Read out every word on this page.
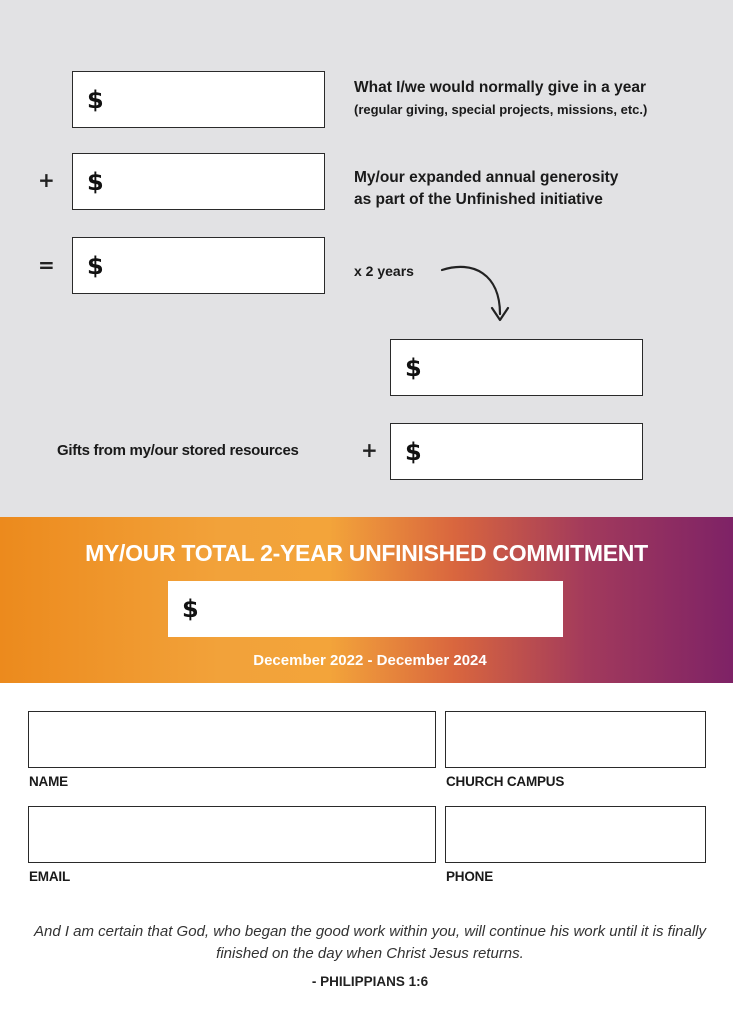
$	What I/we would normally give in a year
(regular giving, special projects, missions, etc.)
+ $	My/our expanded annual generosity
as part of the Unfinished initiative
= $	x 2 years
$
Gifts from my/our stored resources	+ $
MY/OUR TOTAL 2-YEAR UNFINISHED COMMITMENT
$
December 2022 - December 2024
NAME	CHURCH CAMPUS
EMAIL	PHONE
And I am certain that God, who began the good work within you, will continue his work until it is finally finished on the day when Christ Jesus returns.
- PHILIPPIANS 1:6
